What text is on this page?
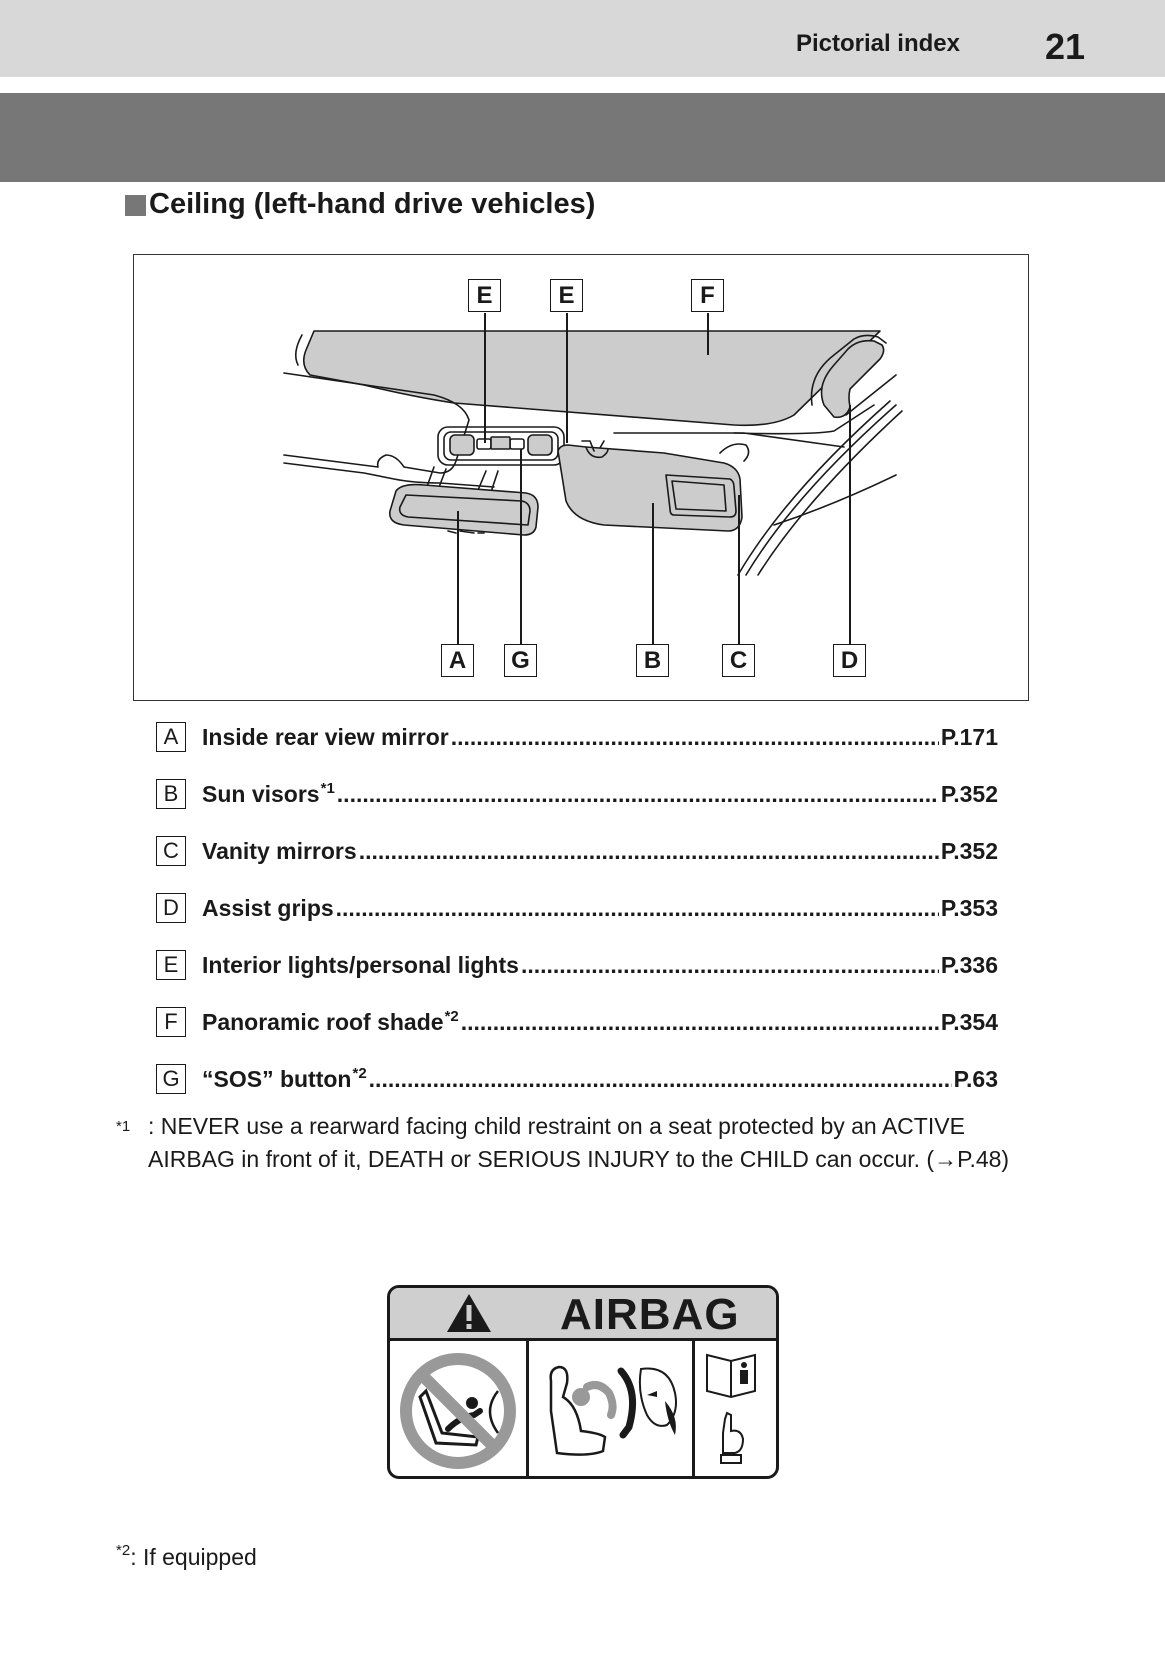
Pictorial index 21
Ceiling (left-hand drive vehicles)
E	E	F
A	G	B	C	D
A	Inside rear view mirror .....	P.171
B	Sun visors$^{*1}$ .....	P.352
C	Vanity mirrors .....	P.352
D	Assist grips .....	P.353
E	Interior lights/personal lights .....	P.336
F	Panoramic roof shade$^{*2}$ .....	P.354
G “SOS” button$^{*2}$ .....	P.63
$^{*1}$ : NEVER use a rearward facing child restraint on a seat protected by an ACTIVE AIRBAG in front of it, DEATH or SERIOUS INJURY to the CHILD can occur. (→P.48)
AIRBAG
$^{*2}$: If equipped
